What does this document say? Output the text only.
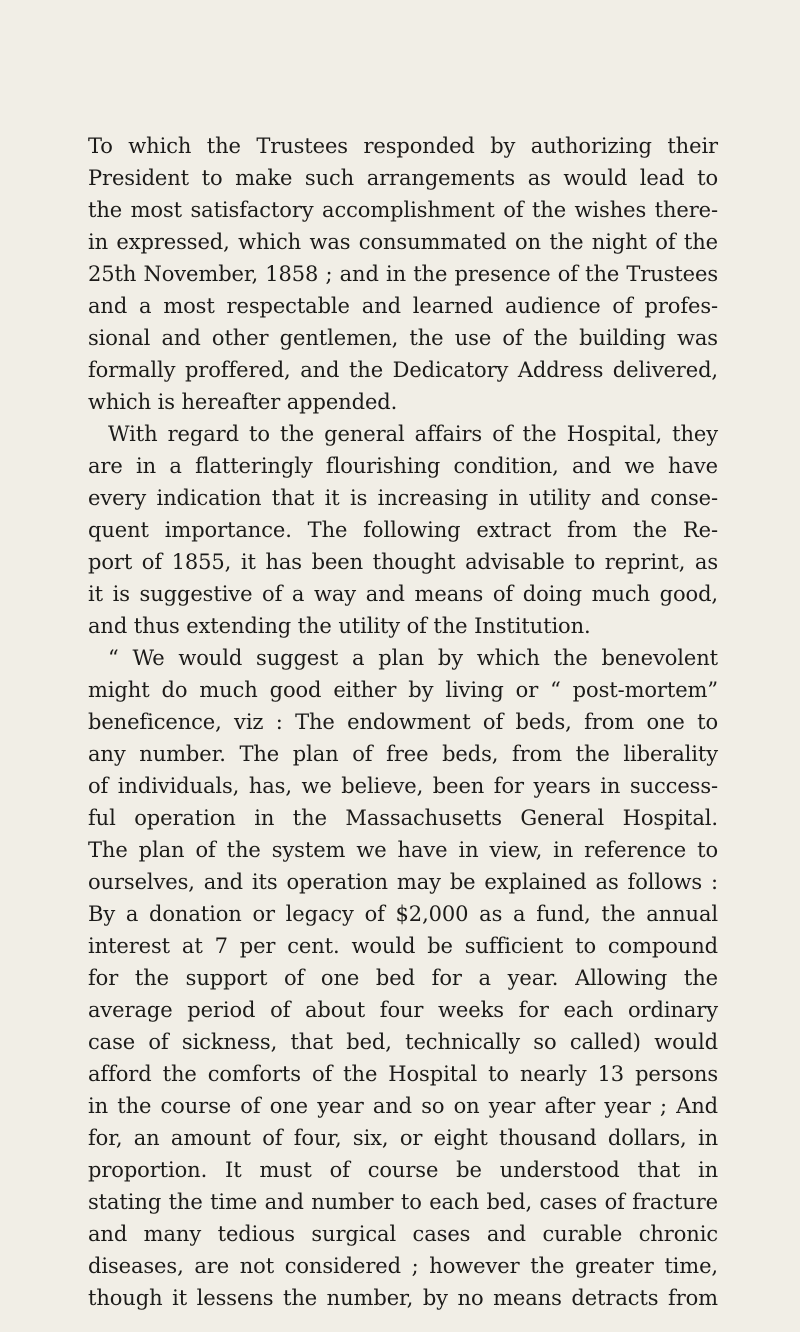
To which the Trustees responded by authorizing their
President to make such arrangements as would lead to
the most satisfactory accomplishment of the wishes there-
in expressed, which was consummated on the night of the
25th November, 1858 ; and in the presence of the Trustees
and a most respectable and learned audience of profes-
sional and other gentlemen, the use of the building was
formally proffered, and the Dedicatory Address delivered,
which is hereafter appended.
With regard to the general affairs of the Hospital, they
are in a flatteringly flourishing condition, and we have
every indication that it is increasing in utility and conse-
quent importance. The following extract from the Re-
port of 1855, it has been thought advisable to reprint, as
it is suggestive of a way and means of doing much good,
and thus extending the utility of the Institution.
“ We would suggest a plan by which the benevolent
might do much good either by living or “ post-mortem”
beneficence, viz : The endowment of beds, from one to
any number. The plan of free beds, from the liberality
of individuals, has, we believe, been for years in success-
ful operation in the Massachusetts General Hospital.
The plan of the system we have in view, in reference to
ourselves, and its operation may be explained as follows :
By a donation or legacy of $2,000 as a fund, the annual
interest at 7 per cent. would be sufficient to compound
for the support of one bed for a year. Allowing the
average period of about four weeks for each ordinary
case of sickness, that bed, technically so called) would
afford the comforts of the Hospital to nearly 13 persons
in the course of one year and so on year after year ; And
for, an amount of four, six, or eight thousand dollars, in
proportion. It must of course be understood that in
stating the time and number to each bed, cases of fracture
and many tedious surgical cases and curable chronic
diseases, are not considered ; however the greater time,
though it lessens the number, by no means detracts from
